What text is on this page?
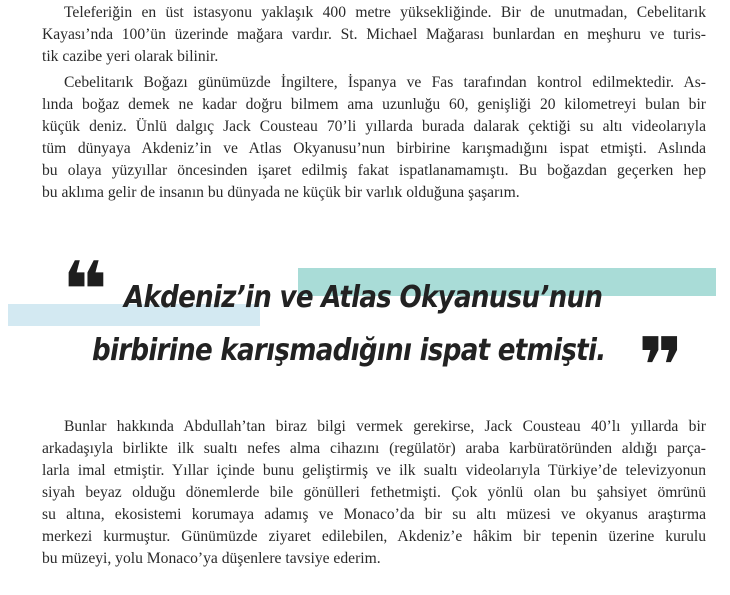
Teleferiğin en üst istasyonu yaklaşık 400 metre yüksekliğinde. Bir de unutmadan, Cebelitarık
Kayası’nda 100’ün üzerinde mağara vardır. St. Michael Mağarası bunlardan en meşhuru ve turis-
tik cazibe yeri olarak bilinir.
Cebelitarık Boğazı günümüzde İngiltere, İspanya ve Fas tarafından kontrol edilmektedir. As-
lında boğaz demek ne kadar doğru bilmem ama uzunluğu 60, genişliği 20 kilometreyi bulan bir
küçük deniz. Ünlü dalgıç Jack Cousteau 70’li yıllarda burada dalarak çektiği su altı videolarıyla
tüm dünyaya Akdeniz’in ve Atlas Okyanusu’nun birbirine karışmadığını ispat etmişti. Aslında
bu olaya yüzyıllar öncesinden işaret edilmiş fakat ispatlanamamıştı. Bu boğazdan geçerken hep
bu aklıma gelir de insanın bu dünyada ne küçük bir varlık olduğuna şaşarım.
❝ Akdeniz’in ve Atlas Okyanusu’nun
birbirine karışmadığını ispat etmişti. ❞
Bunlar hakkında Abdullah’tan biraz bilgi vermek gerekirse, Jack Cousteau 40’lı yıllarda bir
arkadaşıyla birlikte ilk sualtı nefes alma cihazını (regülatör) araba karbüratöründen aldığı parça-
larla imal etmiştir. Yıllar içinde bunu geliştirmiş ve ilk sualtı videolarıyla Türkiye’de televizyonun
siyah beyaz olduğu dönemlerde bile gönülleri fethetmişti. Çok yönlü olan bu şahsiyet ömrünü
su altına, ekosistemi korumaya adamış ve Monaco’da bir su altı müzesi ve okyanus araştırma
merkezi kurmuştur. Günümüzde ziyaret edilebilen, Akdeniz’e hâkim bir tepenin üzerine kurulu
bu müzeyi, yolu Monaco’ya düşenlere tavsiye ederim.
